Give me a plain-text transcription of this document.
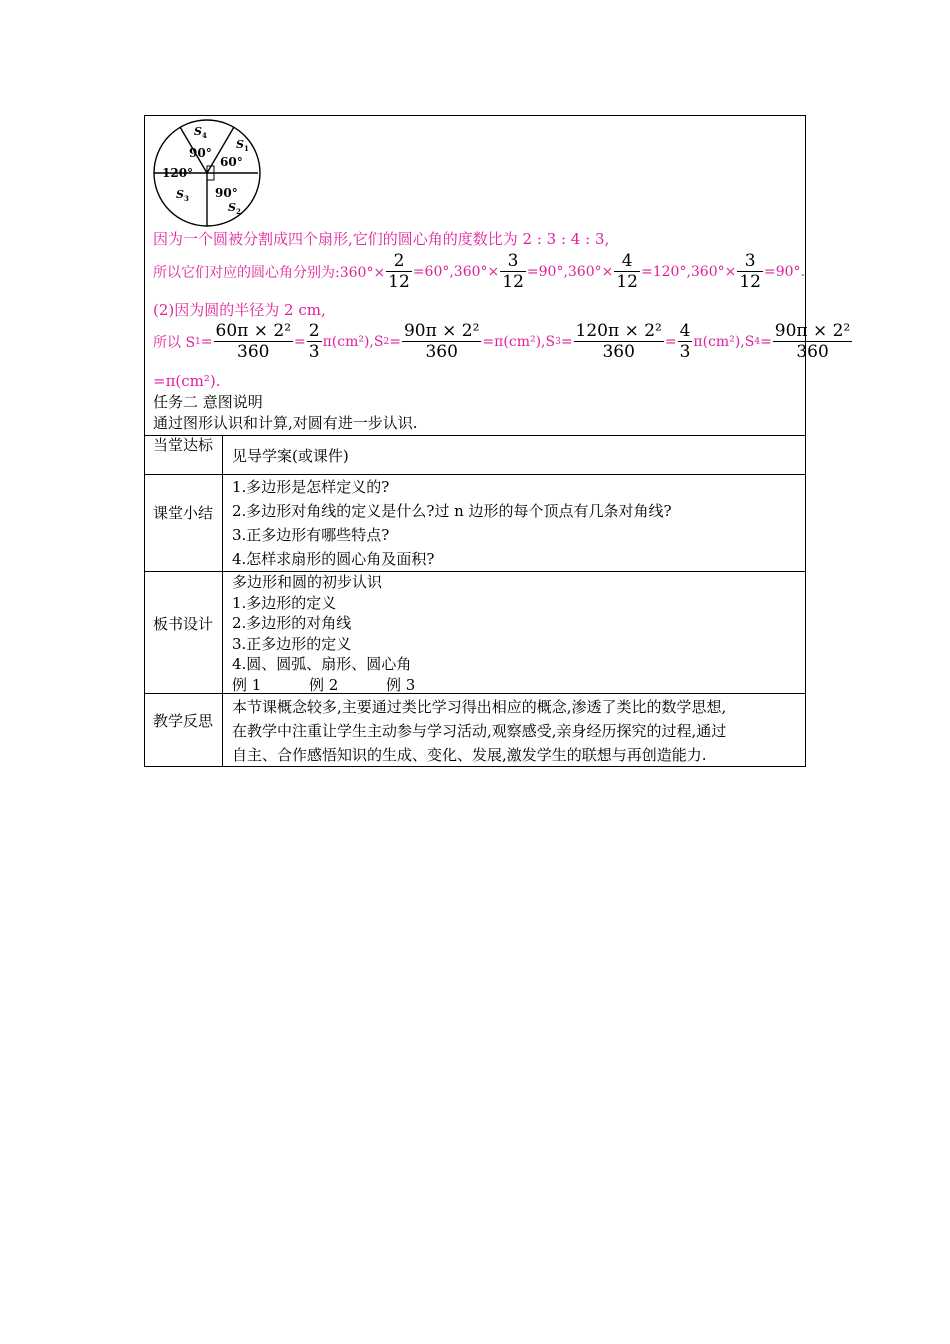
S 4
90°
S 1
60°
120°
S 3 90°
S 2
因为一个圆被分割成四个扇形,它们的圆心角的度数比为 2 : 3 : 4 : 3,
所以它们对应的圆心角分别为:360°× $\frac{2}{12} =60^\circ,360^\circ\times \frac{3}{12} =90^\circ,360^\circ\times \frac{4}{12} =120^\circ,360^\circ\times \frac{3}{12} =90^\circ$.
(2)因为圆的半径为 2 cm,
所以 S $1 = \frac{\text{60π × 2²}}{360} = \frac{2}{3} \pi(cm^2),S$ $2 = \frac{\text{90π × 2²}}{360} =\pi(cm^2),S$ $3 = \frac{\text{120π × 2²}}{360} = \frac{4}{3} \pi(cm^2),S$ $4 = \frac{\text{90π × 2²}}{360}$
=π(cm²).
任务二 意图说明
通过图形认识和计算,对圆有进一步认识.
当堂达标
见导学案(或课件)
课堂小结
1.多边形是怎样定义的?
2.多边形对角线的定义是什么?过 n 边形的每个顶点有几条对角线?
3.正多边形有哪些特点?
4.怎样求扇形的圆心角及面积?
板书设计
多边形和圆的初步认识
1.多边形的定义
2.多边形的对角线
3.正多边形的定义
4.圆、圆弧、扇形、圆心角
例 1          例 2          例 3
教学反思
本节课概念较多,主要通过类比学习得出相应的概念,渗透了类比的数学思想,
在教学中注重让学生主动参与学习活动,观察感受,亲身经历探究的过程,通过
自主、合作感悟知识的生成、变化、发展,激发学生的联想与再创造能力.
